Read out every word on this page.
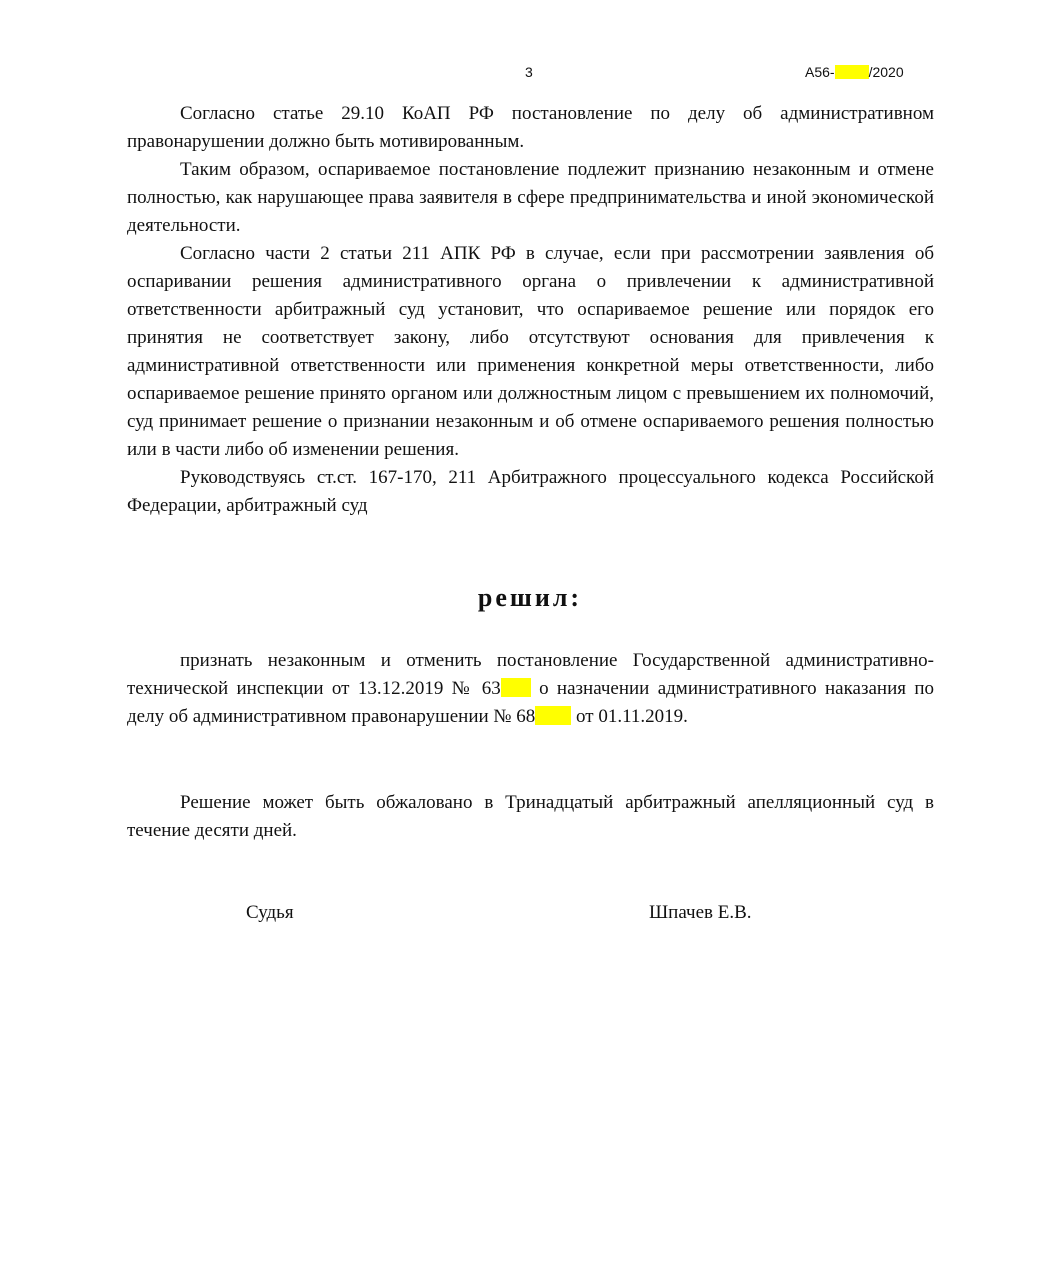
3	А56- /2020

Согласно статье 29.10 КоАП РФ постановление по делу об административном правонарушении должно быть мотивированным.

Таким образом, оспариваемое постановление подлежит признанию незаконным и отмене полностью, как нарушающее права заявителя в сфере предпринимательства и иной экономической деятельности.

Согласно части 2 статьи 211 АПК РФ в случае, если при рассмотрении заявления об оспаривании решения административного органа о привлечении к административной ответственности арбитражный суд установит, что оспариваемое решение или порядок его принятия не соответствует закону, либо отсутствуют основания для привлечения к административной ответственности или применения конкретной меры ответственности, либо оспариваемое решение принято органом или должностным лицом с превышением их полномочий, суд принимает решение о признании незаконным и об отмене оспариваемого решения полностью или в части либо об изменении решения.

Руководствуясь ст.ст. 167-170, 211 Арбитражного процессуального кодекса Российской Федерации, арбитражный суд

решил:

признать незаконным и отменить постановление Государственной административно-технической инспекции от 13.12.2019 № 63 о назначении административного наказания по делу об административном правонарушении № 68 от 01.11.2019.

Решение может быть обжаловано в Тринадцатый арбитражный апелляционный суд в течение десяти дней.

Судья	Шпачев Е.В.
